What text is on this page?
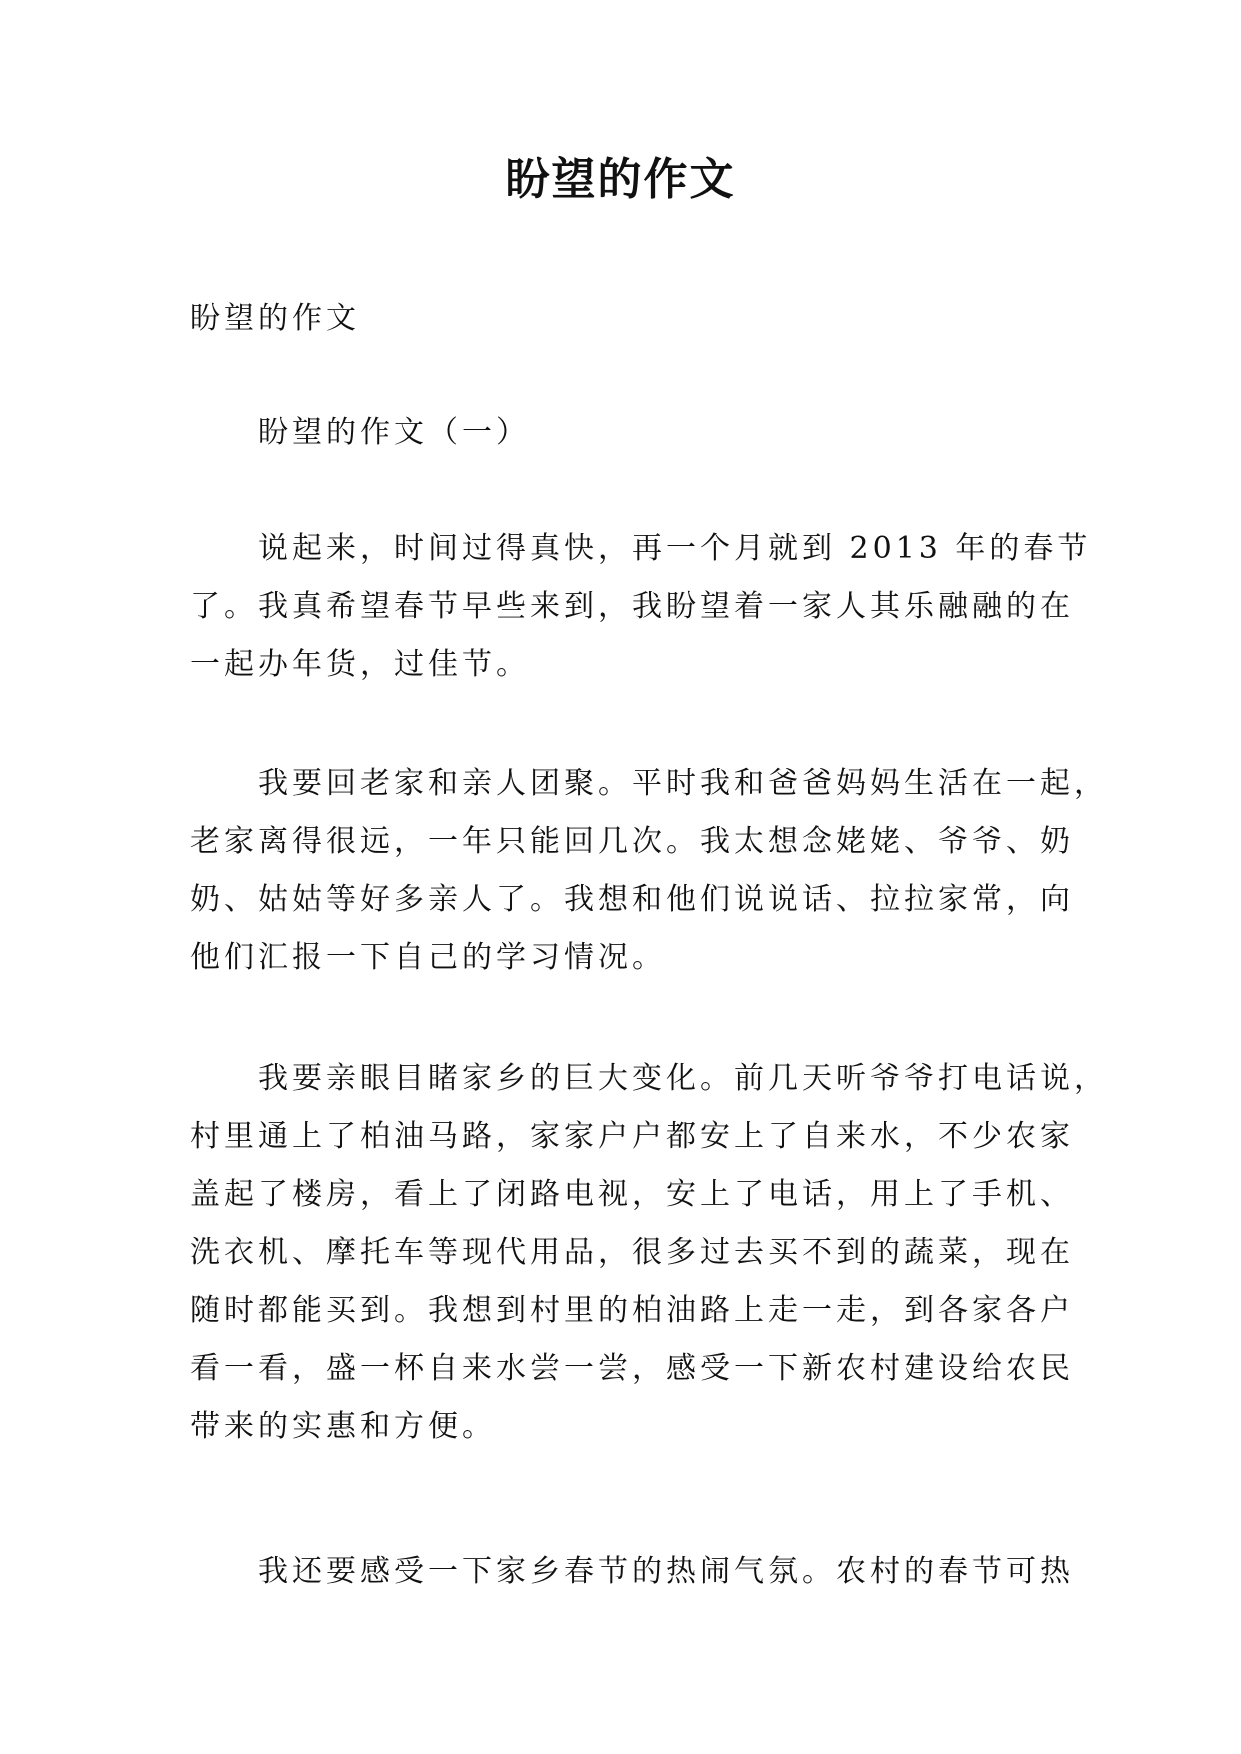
盼望的作文

盼望的作文

盼望的作文（一）

说起来，时间过得真快，再一个月就到 2013 年的春节
了。我真希望春节早些来到，我盼望着一家人其乐融融的在
一起办年货，过佳节。

我要回老家和亲人团聚。平时我和爸爸妈妈生活在一起，
老家离得很远，一年只能回几次。我太想念姥姥、爷爷、奶
奶、姑姑等好多亲人了。我想和他们说说话、拉拉家常，向
他们汇报一下自己的学习情况。

我要亲眼目睹家乡的巨大变化。前几天听爷爷打电话说，
村里通上了柏油马路，家家户户都安上了自来水，不少农家
盖起了楼房，看上了闭路电视，安上了电话，用上了手机、
洗衣机、摩托车等现代用品，很多过去买不到的蔬菜，现在
随时都能买到。我想到村里的柏油路上走一走，到各家各户
看一看，盛一杯自来水尝一尝，感受一下新农村建设给农民
带来的实惠和方便。

我还要感受一下家乡春节的热闹气氛。农村的春节可热
